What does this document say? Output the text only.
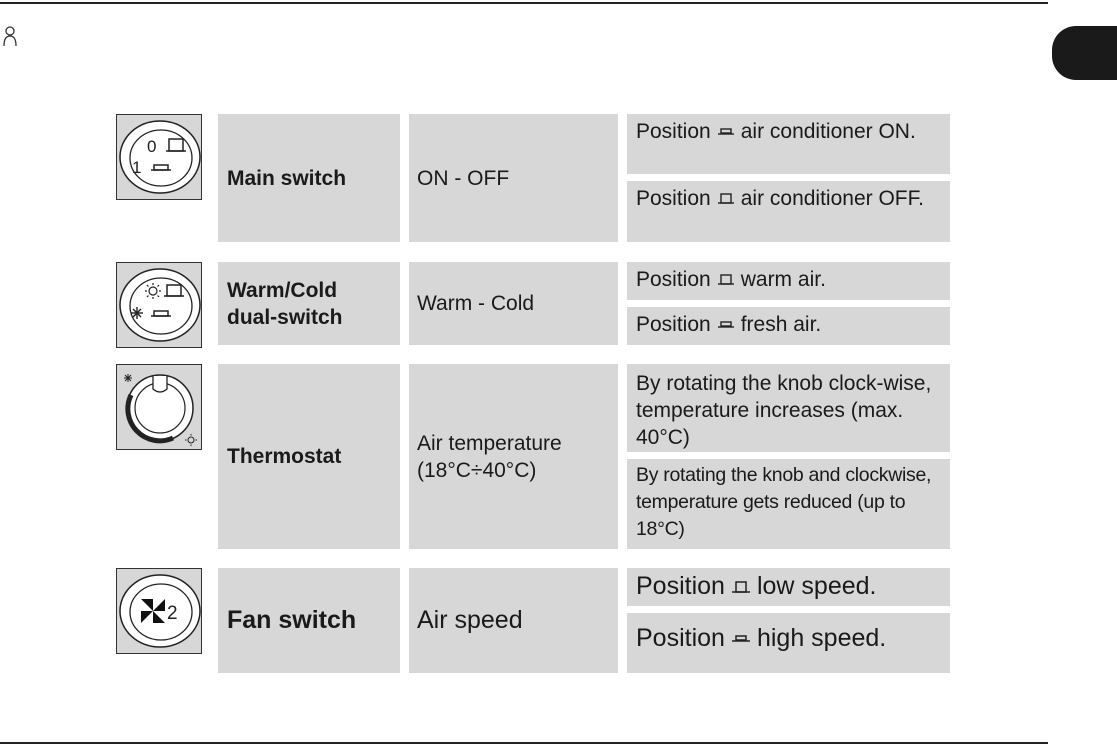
0
1	Main switch	ON - OFF
Position air conditioner ON.
Position air conditioner OFF.
Warm/Cold
dual-switch
Warm - Cold
Position warm air.
Position fresh air.
Thermostat
Air temperature
(18°C÷40°C)
By rotating the knob clock-wise, temperature increases (max. 40°C)
By rotating the knob and clockwise, temperature gets reduced (up to 18°C)
2 Fan switch Air speed
Position low speed.
Position high speed.
